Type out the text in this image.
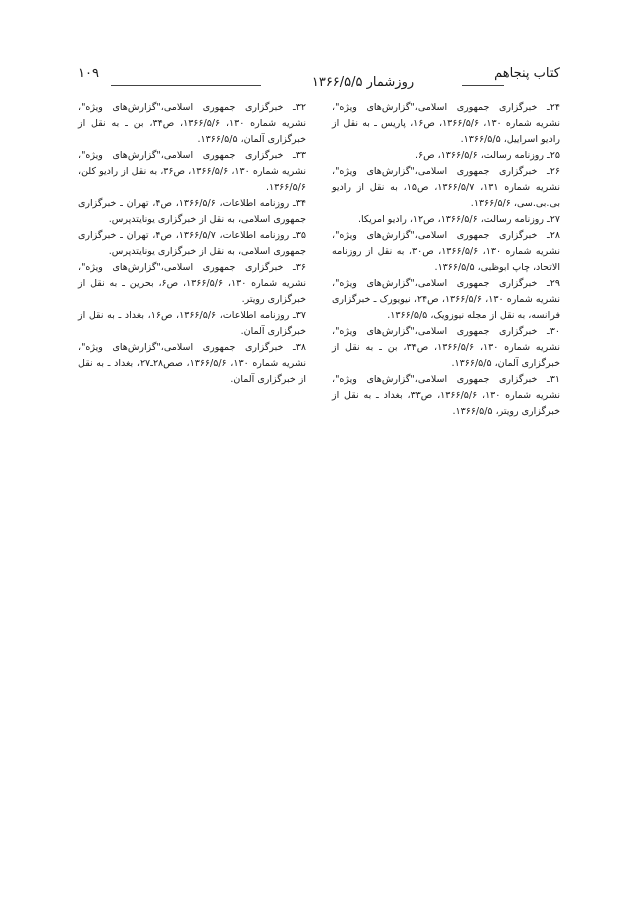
کتاب پنجاهم
روزشمار ۱۳۶۶/۵/۵
۱۰۹

۲۴ـ خبرگزاری جمهوری اسلامی،"گزارش‌های ویژه"، نشریه شماره ۱۳۰، ۱۳۶۶/۵/۶، ص۱۶، پاریس ـ به نقل از رادیو اسراییل، ۱۳۶۶/۵/۵.

۲۵ـ روزنامه رسالت، ۱۳۶۶/۵/۶، ص۶.

۲۶ـ خبرگزاری جمهوری اسلامی،"گزارش‌های ویژه"، نشریه شماره ۱۳۱، ۱۳۶۶/۵/۷، ص۱۵، به نقل از رادیو بی.بی.سی، ۱۳۶۶/۵/۶.

۲۷ـ روزنامه رسالت، ۱۳۶۶/۵/۶، ص۱۲، رادیو امریکا.

۲۸ـ خبرگزاری جمهوری اسلامی،"گزارش‌های ویژه"، نشریه شماره ۱۳۰، ۱۳۶۶/۵/۶، ص۳۰، به نقل از روزنامه الاتحاد، چاپ ابوظبی، ۱۳۶۶/۵/۵.

۲۹ـ خبرگزاری جمهوری اسلامی،"گزارش‌های ویژه"، نشریه شماره ۱۳۰، ۱۳۶۶/۵/۶، ص۲۴، نیویورک ـ خبرگزاری فرانسه، به نقل از مجله نیوزویک، ۱۳۶۶/۵/۵.

۳۰ـ خبرگزاری جمهوری اسلامی،"گزارش‌های ویژه"، نشریه شماره ۱۳۰، ۱۳۶۶/۵/۶، ص۳۴، بن ـ به نقل از خبرگزاری آلمان، ۱۳۶۶/۵/۵.

۳۱ـ خبرگزاری جمهوری اسلامی،"گزارش‌های ویژه"، نشریه شماره ۱۳۰، ۱۳۶۶/۵/۶، ص۳۳، بغداد ـ به نقل از خبرگزاری رویتر، ۱۳۶۶/۵/۵.

۳۲ـ خبرگزاری جمهوری اسلامی،"گزارش‌های ویژه"، نشریه شماره ۱۳۰، ۱۳۶۶/۵/۶، ص۳۴، بن ـ به نقل از خبرگزاری آلمان، ۱۳۶۶/۵/۵.

۳۳ـ خبرگزاری جمهوری اسلامی،"گزارش‌های ویژه"، نشریه شماره ۱۳۰، ۱۳۶۶/۵/۶، ص۳۶، به نقل از رادیو کلن، ۱۳۶۶/۵/۶.

۳۴ـ روزنامه اطلاعات، ۱۳۶۶/۵/۶، ص۴، تهران ـ خبرگزاری جمهوری اسلامی، به نقل از خبرگزاری یونایتدپرس.

۳۵ـ روزنامه اطلاعات، ۱۳۶۶/۵/۷، ص۴، تهران ـ خبرگزاری جمهوری اسلامی، به نقل از خبرگزاری یونایتدپرس.

۳۶ـ خبرگزاری جمهوری اسلامی،"گزارش‌های ویژه"، نشریه شماره ۱۳۰، ۱۳۶۶/۵/۶، ص۶، بحرین ـ به نقل از خبرگزاری رویتر.

۳۷ـ روزنامه اطلاعات، ۱۳۶۶/۵/۶، ص۱۶، بغداد ـ به نقل از خبرگزاری آلمان.

۳۸ـ خبرگزاری جمهوری اسلامی،"گزارش‌های ویژه"، نشریه شماره ۱۳۰، ۱۳۶۶/۵/۶، صص۲۸ـ۲۷، بغداد ـ به نقل از خبرگزاری آلمان.
